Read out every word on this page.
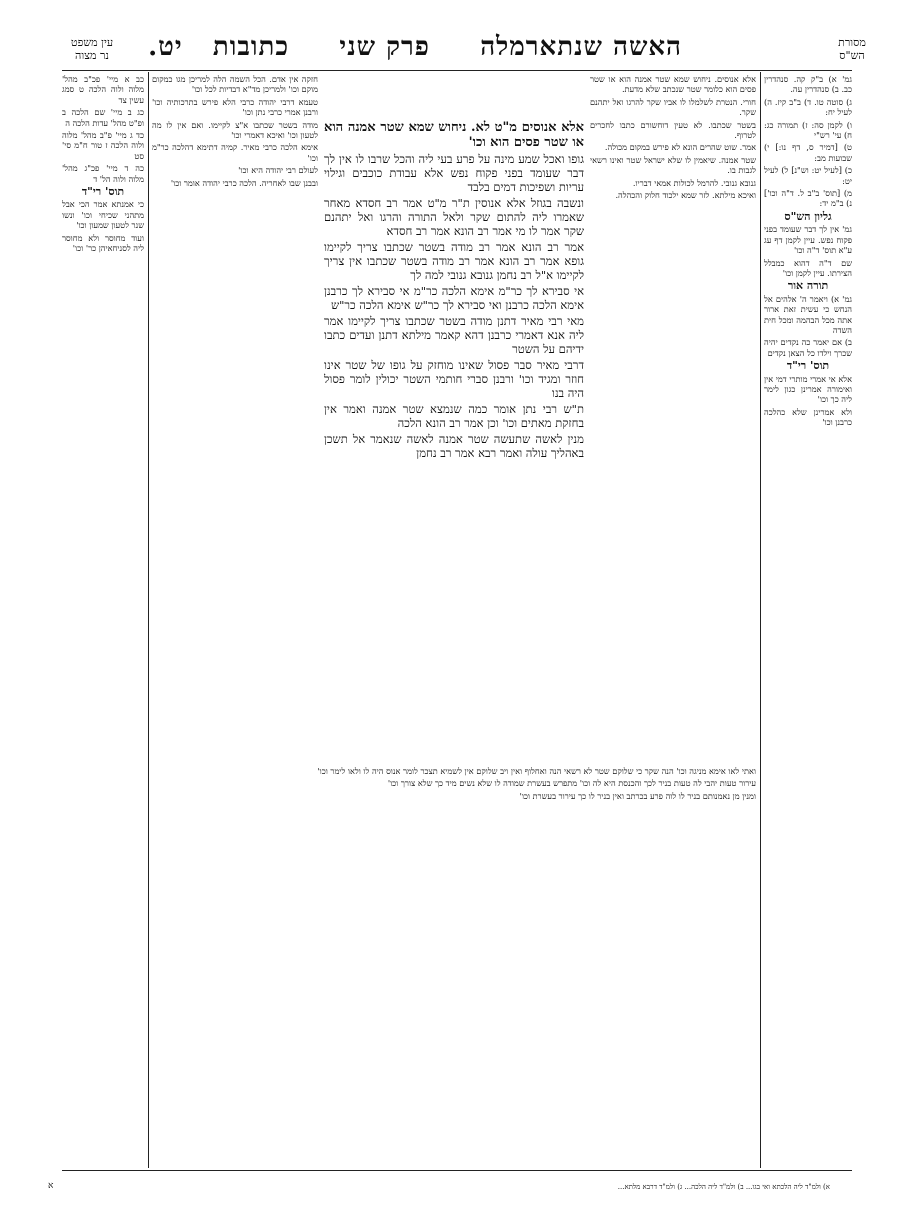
מסורת
הש"ס
האשה שנתארמלה     פרק שני     כתובות   יט.
עין משפט
נר מצוה

גמ' א) ב"ק קה. סנהדרין כב. ב) סנהדרין עה.

ג) סוטה טו. ד) ב"ב קיז. ה) לעיל יח:

ו) לקמן סה: ז) תמורה כג: ח) עי' רש"י

ט) [דמיר ס, דף נו:] י) שבועות מב:

כ) [לעיל יט: וש"נ] ל) לעיל יט:

מ) [תוס' ב"ב ל. ד"ה וכו'] נ) ב"מ יד:

גליון הש"ס

גמ' אין לך דבר שעומד בפני פקוח נפש. עיין לקמן דף עג ע"א תוס' ד"ה וכו'

שם ד"ה דהוא כמבלל הצירתו. עיין לקמן וכו'

תורה אור

גמ' א) ויאמר ה' אלהים אל הנחש כי עשית זאת ארור אתה מכל הבהמה ומכל חית השדה

ב) אם יאמר כה נקדים יהיה שכרך וילדו כל הצאן נקדים

תוס' רי"ד

אלא אי אמרי מותרי דמי אין ואימורה אמרינן כגון לימר ליה כך וכו'

ולא אמרינן שלא כהלכה כרבנן וכו'

כב א מיי' פכ"ב מהל' מלוה ולוה הלכה ט סמג עשין צד

כג ב מיי' שם הלכה ב ופ"ט מהל' עדות הלכה ה

כד ג מיי' פ"ב מהל' מלוה ולוה הלכה ז טור ח"מ סי' סט

כה ד מיי' פכ"ג מהל' מלוה ולוה הל' ד

תוס' רי"ד

כי אמנתא אמר הכי אבל מתהני שכיחי וכו' ונשו שנר לטעון שמעון וכו'

ועוד מחוסר ולא מחוסר ליה לסניחאיהן כר' וכו'

אלא אנוסים. ניחוש שמא שטר אמנה הוא או שטר פסים הוא כלומר שטר שנכתב שלא מדעת.

חורי. הנטרת לשלמלו לו אביו שקר להרגו ואל יתהנם שקר.

בשטר שכתבו. לא טעין דוחשורם כתבו לחכרים לטרוף.

אמר. שוט שהרים הונא לא פירש במקום מכולה.

שטר אמנה. שיאמין לו שלא ישראל שטר ואינו רשאי לגבות בו.

גנובא גנובי. להרמל לכולות אמאי דבריו.

ואיכא מילתא. לזר שמא ילכוד חלוק והכהלה.

חזקה אין אדם. הכל השמה הלה למריכן מגו כמקום מוקם וכו' ולמריכן מד"א דבדיות לכל וכו'

טעמא דרבי יהודה כרבי הלא פירש בתרכותיה וכו' ורבנן אמרי כרבי נתן וכו'

מודה בשטר שכתבו א"צ לקיימו. ואם אין לו מה לטעון וכו' ואיכא דאמרי וכו'

אימא הלכה כרבי מאיר. קמיה דתימא דהלכה כר"מ וכו'

לעולם רבי יהודה היא וכו'

ובבנן שבו לאחריה. הלכה כרבי יהודה אומר וכו'

אלא אנוסים מ"ט לא. ניחוש שמא שטר אמנה הוא או שטר פסים הוא וכו'

גופו ואכל שמע מינה על פרע בעי ליה והכל שרבו לו אין לך דבר שעומד בפני פקוח נפש אלא עבודת כוכבים וגילוי עריות ושפיכות דמים בלבד

ונשבה בגוזל אלא אנוסין ת"ר מ"ט אמר רב חסדא מאחר שאמרו ליה להתום שקר ולאל התורה והרגו ואל יתהנם שקר אמר לו מי אמר רב הונא אמר רב חסדא

אמר רב הונא אמר רב מודה בשטר שכתבו צריך לקיימו גופא אמר רב הונא אמר רב מודה בשטר שכתבו אין צריך לקיימו א"ל רב נחמן גנובא גנובי למה לך

אי סבירא לך כר"מ אימא הלכה כר"מ אי סבירא לך כרבנן אימא הלכה כרבנן ואי סבירא לך כר"ש אימא הלכה כר"ש

מאי רבי מאיר דתנן מודה בשטר שכתבו צריך לקיימו אמר ליה אנא דאמרי כרבנן דהא קאמר מילתא דתנן ועדים כתבו ידיהם על השטר

דרבי מאיר סבר פסול שאינו מוחזק על גופו של שטר אינו חוזר ומגיד וכו' ורבנן סברי חותמי השטר יכולין לומר פסול היה בנו

ת"ש רבי נתן אומר כמה שנמצא שטר אמנה ואמר אין בחזקת מאתים וכו' וכן אמר רב הונא הלכה

מנין לאשה שתעשה שטר אמנה לאשה שנאמר אל תשכן באהליך עולה ואמר רבא אמר רב נחמן

ואתי לאו אימא מניגה וכו' הנה שקר כי שלוקם שטר לא רשאי הנה ואחלוף ואין ויב שלוקם אין לשמיא תצכר לומר אנוס היה לו ולאו לימר וכו'

עירור טעות יהבי לה טעות בניר לכך והכנסת היא לה וכו' מתפרש בעשרת שמודה לו שלא נשים מיד כך שלא צורך וכו'

ומנין מן נאמנותם בניר לו לוה פרע בכרתב ואין בניר לו כך עירור בעשרת וכו'

א) ולמ"ד ליה הלכתא ואי בגו... ב) ולמ"ד ליה הלכה... ג) ולמ"ד דרבא מלתא...
א
